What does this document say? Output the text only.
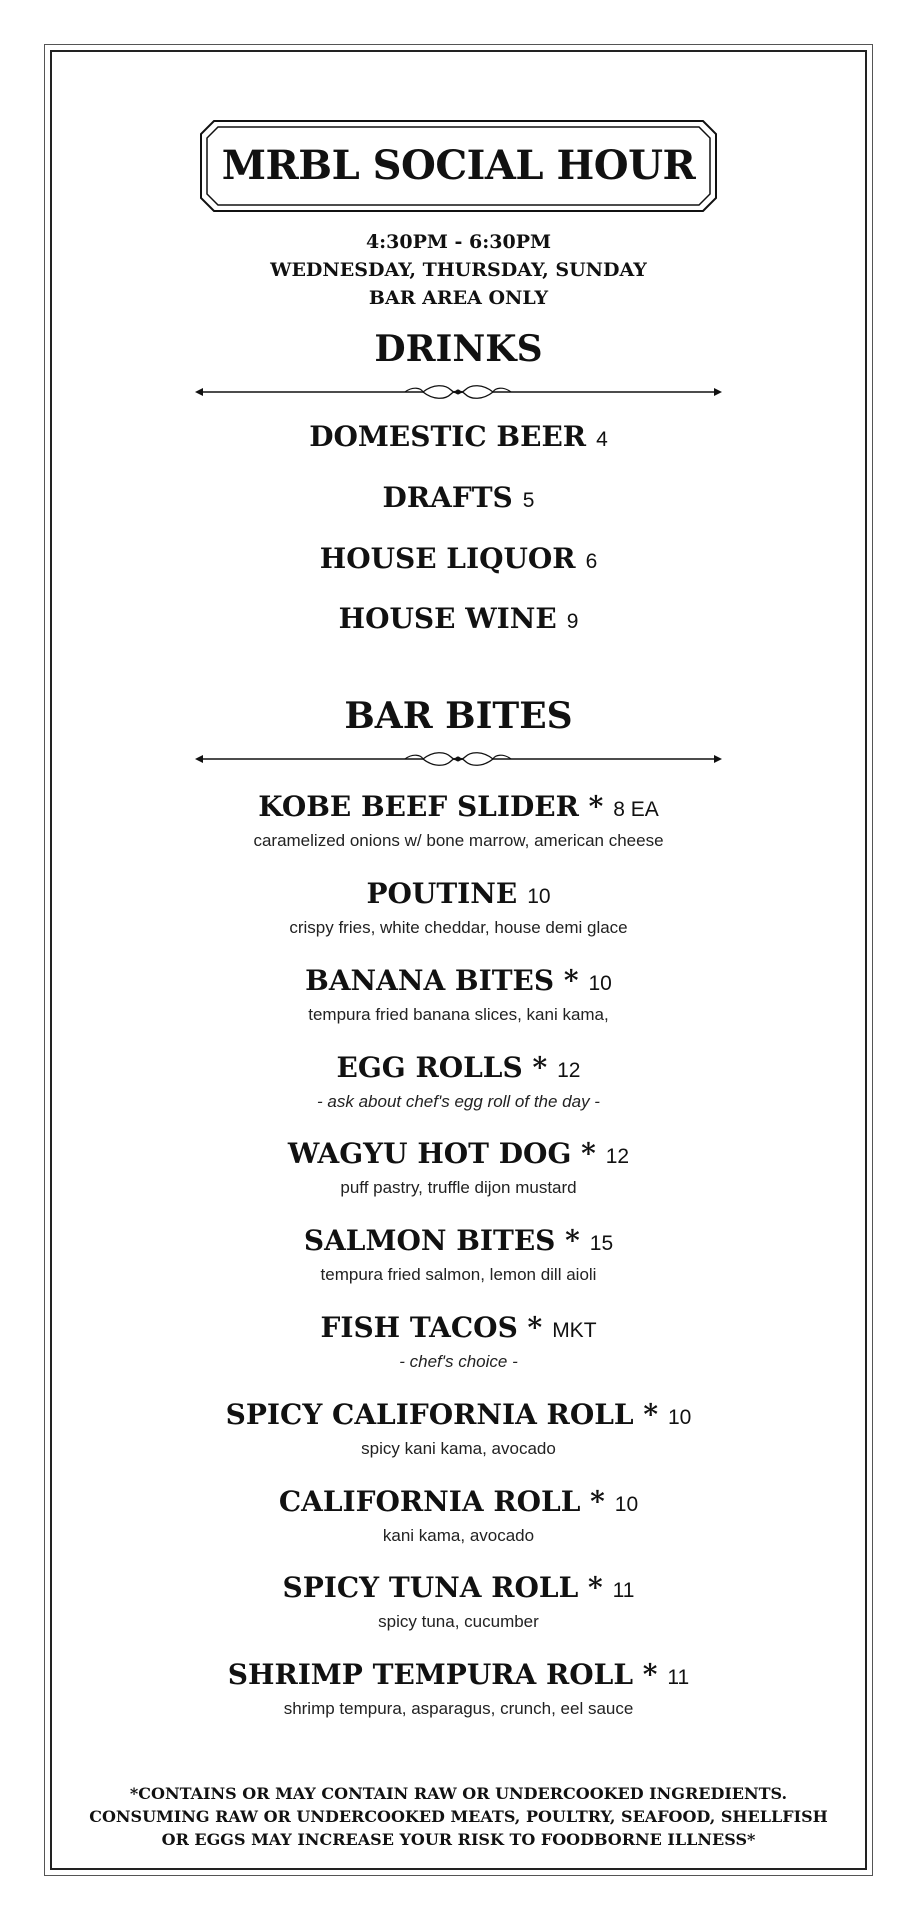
MRBL SOCIAL HOUR
4:30PM - 6:30PM
WEDNESDAY, THURSDAY, SUNDAY
BAR AREA ONLY
DRINKS
DOMESTIC BEER 4
DRAFTS 5
HOUSE LIQUOR 6
HOUSE WINE 9
BAR BITES
KOBE BEEF SLIDER * 8 EA
caramelized onions w/ bone marrow, american cheese
POUTINE 10
crispy fries, white cheddar, house demi glace
BANANA BITES * 10
tempura fried banana slices, kani kama,
EGG ROLLS * 12
- ask about chef's egg roll of the day -
WAGYU HOT DOG * 12
puff pastry, truffle dijon mustard
SALMON BITES * 15
tempura fried salmon, lemon dill aioli
FISH TACOS * MKT
- chef's choice -
SPICY CALIFORNIA ROLL * 10
spicy kani kama, avocado
CALIFORNIA ROLL * 10
kani kama, avocado
SPICY TUNA ROLL * 11
spicy tuna, cucumber
SHRIMP TEMPURA ROLL * 11
shrimp tempura, asparagus, crunch, eel sauce
*CONTAINS OR MAY CONTAIN RAW OR UNDERCOOKED INGREDIENTS. CONSUMING RAW OR UNDERCOOKED MEATS, POULTRY, SEAFOOD, SHELLFISH OR EGGS MAY INCREASE YOUR RISK TO FOODBORNE ILLNESS*
